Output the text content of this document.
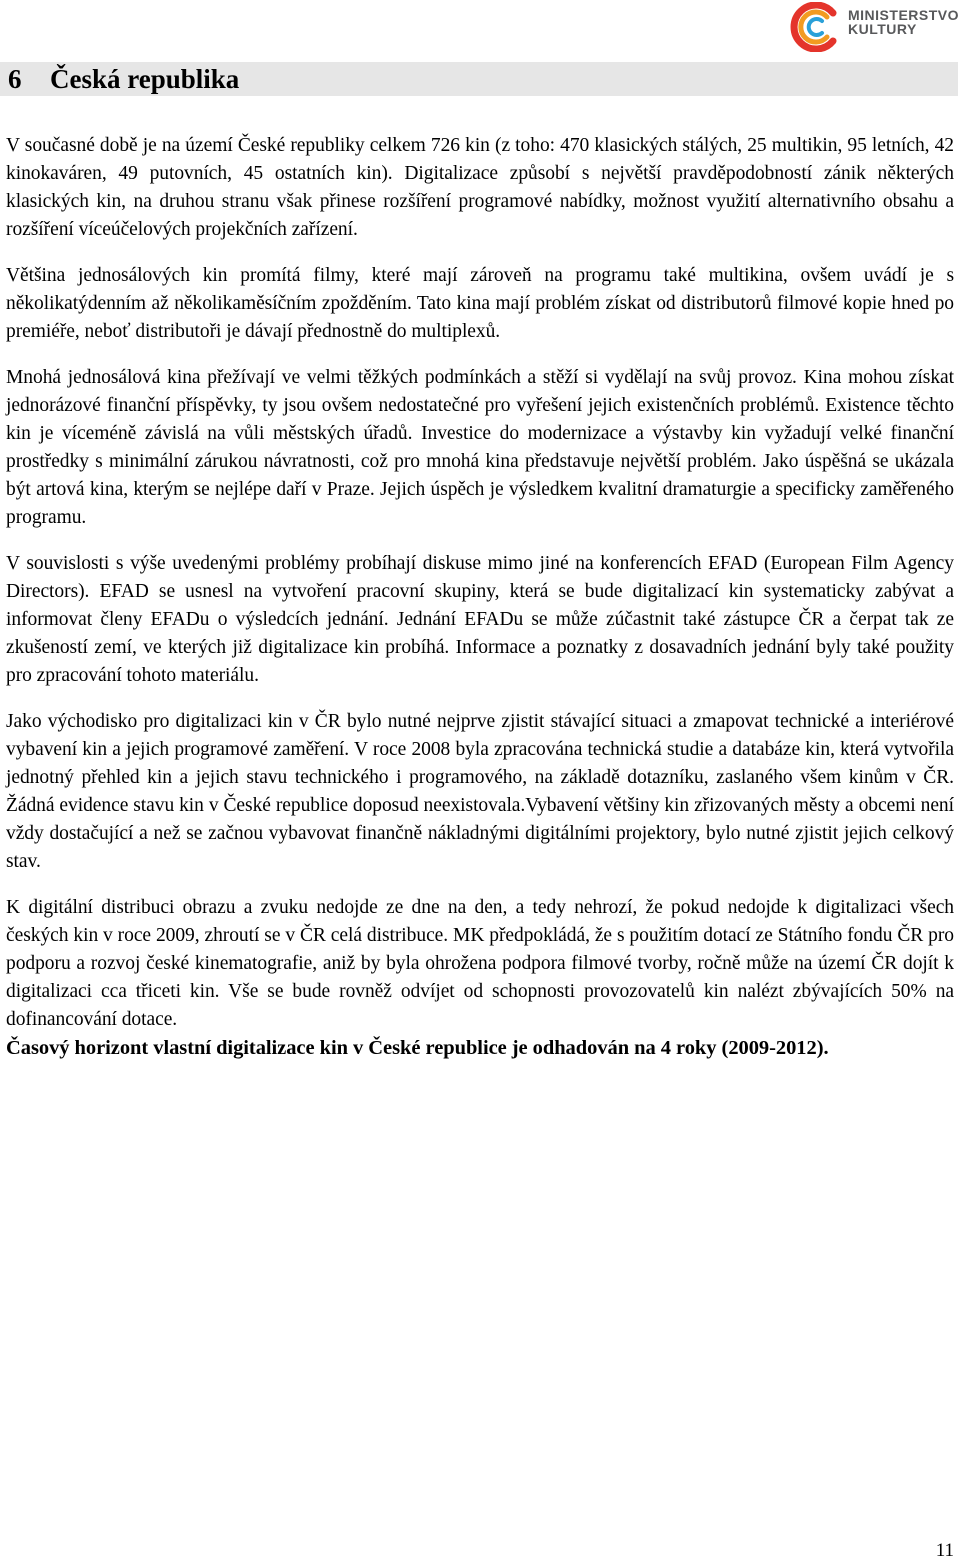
MINISTERSTVO
KULTURY
6 Česká republika

V současné době je na území České republiky celkem 726 kin (z toho: 470 klasických stálých, 25 multikin, 95 letních, 42 kinokaváren, 49 putovních, 45 ostatních kin). Digitalizace způsobí s největší pravděpodobností zánik některých klasických kin, na druhou stranu však přinese rozšíření programové nabídky, možnost využití alternativního obsahu a rozšíření víceúčelových projekčních zařízení.

Většina jednosálových kin promítá filmy, které mají zároveň na programu také multikina, ovšem uvádí je s několikatýdenním až několikaměsíčním zpožděním. Tato kina mají problém získat od distributorů filmové kopie hned po premiéře, neboť distributoři je dávají přednostně do multiplexů.

Mnohá jednosálová kina přežívají ve velmi těžkých podmínkách a stěží si vydělají na svůj provoz. Kina mohou získat jednorázové finanční příspěvky, ty jsou ovšem nedostatečné pro vyřešení jejich existenčních problémů. Existence těchto kin je víceméně závislá na vůli městských úřadů. Investice do modernizace a výstavby kin vyžadují velké finanční prostředky s minimální zárukou návratnosti, což pro mnohá kina představuje největší problém. Jako úspěšná se ukázala být artová kina, kterým se nejlépe daří v Praze. Jejich úspěch je výsledkem kvalitní dramaturgie a specificky zaměřeného programu.

V souvislosti s výše uvedenými problémy probíhají diskuse mimo jiné na konferencích EFAD (European Film Agency Directors). EFAD se usnesl na vytvoření pracovní skupiny, která se bude digitalizací kin systematicky zabývat a informovat členy EFADu o výsledcích jednání. Jednání EFADu se může zúčastnit také zástupce ČR a čerpat tak ze zkušeností zemí, ve kterých již digitalizace kin probíhá. Informace a poznatky z dosavadních jednání byly také použity pro zpracování tohoto materiálu.

Jako východisko pro digitalizaci kin v ČR bylo nutné nejprve zjistit stávající situaci a zmapovat technické a interiérové vybavení kin a jejich programové zaměření. V roce 2008 byla zpracována technická studie a databáze kin, která vytvořila jednotný přehled kin a jejich stavu technického i programového, na základě dotazníku, zaslaného všem kinům v ČR. Žádná evidence stavu kin v České republice doposud neexistovala.Vybavení většiny kin zřizovaných městy a obcemi není vždy dostačující a než se začnou vybavovat finančně nákladnými digitálními projektory, bylo nutné zjistit jejich celkový stav.

K digitální distribuci obrazu a zvuku nedojde ze dne na den, a tedy nehrozí, že pokud nedojde k digitalizaci všech českých kin v roce 2009, zhroutí se v ČR celá distribuce. MK předpokládá, že s použitím dotací ze Státního fondu ČR pro podporu a rozvoj české kinematografie, aniž by byla ohrožena podpora filmové tvorby, ročně může na území ČR dojít k digitalizaci cca třiceti kin. Vše se bude rovněž odvíjet od schopnosti provozovatelů kin nalézt zbývajících 50% na dofinancování dotace.

Časový horizont vlastní digitalizace kin v České republice je odhadován na 4 roky (2009-2012).

11
